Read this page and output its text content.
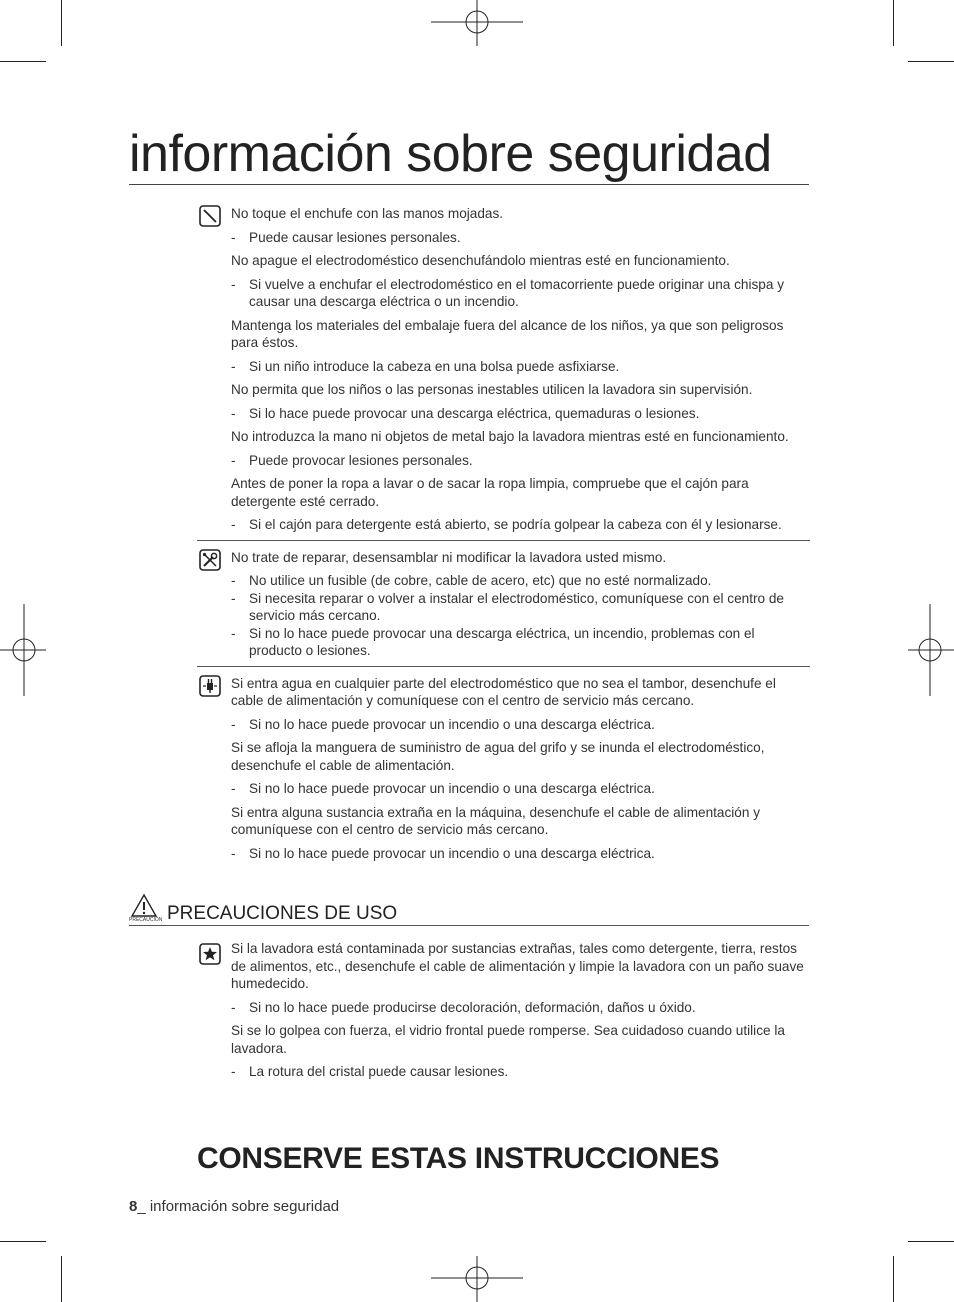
información sobre seguridad

No toque el enchufe con las manos mojadas.

- Puede causar lesiones personales.

No apague el electrodoméstico desenchufándolo mientras esté en funcionamiento.

- Si vuelve a enchufar el electrodoméstico en el tomacorriente puede originar una chispa y causar una descarga eléctrica o un incendio.

Mantenga los materiales del embalaje fuera del alcance de los niños, ya que son peligrosos para éstos.

- Si un niño introduce la cabeza en una bolsa puede asfixiarse.

No permita que los niños o las personas inestables utilicen la lavadora sin supervisión.

- Si lo hace puede provocar una descarga eléctrica, quemaduras o lesiones.

No introduzca la mano ni objetos de metal bajo la lavadora mientras esté en funcionamiento.

- Puede provocar lesiones personales.

Antes de poner la ropa a lavar o de sacar la ropa limpia, compruebe que el cajón para detergente esté cerrado.

- Si el cajón para detergente está abierto, se podría golpear la cabeza con él y lesionarse.

No trate de reparar, desensamblar ni modificar la lavadora usted mismo.

- No utilice un fusible (de cobre, cable de acero, etc) que no esté normalizado.
- Si necesita reparar o volver a instalar el electrodoméstico, comuníquese con el centro de servicio más cercano.
- Si no lo hace puede provocar una descarga eléctrica, un incendio, problemas con el producto o lesiones.

Si entra agua en cualquier parte del electrodoméstico que no sea el tambor, desenchufe el cable de alimentación y comuníquese con el centro de servicio más cercano.

- Si no lo hace puede provocar un incendio o una descarga eléctrica.

Si se afloja la manguera de suministro de agua del grifo y se inunda el electrodoméstico, desenchufe el cable de alimentación.

- Si no lo hace puede provocar un incendio o una descarga eléctrica.

Si entra alguna sustancia extraña en la máquina, desenchufe el cable de alimentación y comuníquese con el centro de servicio más cercano.

- Si no lo hace puede provocar un incendio o una descarga eléctrica.
PRECAUCIÓN PRECAUCIONES DE USO

Si la lavadora está contaminada por sustancias extrañas, tales como detergente, tierra, restos de alimentos, etc., desenchufe el cable de alimentación y limpie la lavadora con un paño suave humedecido.

- Si no lo hace puede producirse decoloración, deformación, daños u óxido.

Si se lo golpea con fuerza, el vidrio frontal puede romperse. Sea cuidadoso cuando utilice la lavadora.

- La rotura del cristal puede causar lesiones.
CONSERVE ESTAS INSTRUCCIONES
8_ información sobre seguridad
